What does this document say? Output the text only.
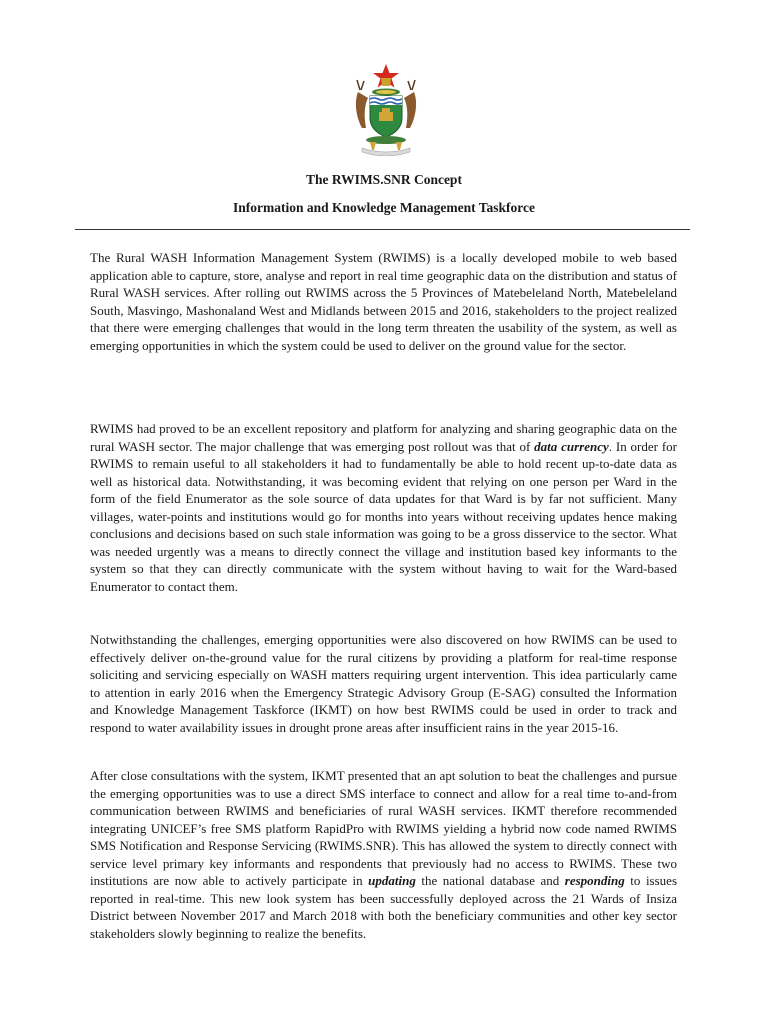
The RWIMS.SNR Concept
Information and Knowledge Management Taskforce

The Rural WASH Information Management System (RWIMS) is a locally developed mobile to web based application able to capture, store, analyse and report in real time geographic data on the distribution and status of Rural WASH services. After rolling out RWIMS across the 5 Provinces of Matebeleland North, Matebeleland South, Masvingo, Mashonaland West and Midlands between 2015 and 2016, stakeholders to the project realized that there were emerging challenges that would in the long term threaten the usability of the system, as well as emerging opportunities in which the system could be used to deliver on the ground value for the sector.

RWIMS had proved to be an excellent repository and platform for analyzing and sharing geographic data on the rural WASH sector. The major challenge that was emerging post rollout was that of data currency. In order for RWIMS to remain useful to all stakeholders it had to fundamentally be able to hold recent up-to-date data as well as historical data. Notwithstanding, it was becoming evident that relying on one person per Ward in the form of the field Enumerator as the sole source of data updates for that Ward is by far not sufficient. Many villages, water-points and institutions would go for months into years without receiving updates hence making conclusions and decisions based on such stale information was going to be a gross disservice to the sector. What was needed urgently was a means to directly connect the village and institution based key informants to the system so that they can directly communicate with the system without having to wait for the Ward-based Enumerator to contact them.

Notwithstanding the challenges, emerging opportunities were also discovered on how RWIMS can be used to effectively deliver on-the-ground value for the rural citizens by providing a platform for real-time response soliciting and servicing especially on WASH matters requiring urgent intervention. This idea particularly came to attention in early 2016 when the Emergency Strategic Advisory Group (E-SAG) consulted the Information and Knowledge Management Taskforce (IKMT) on how best RWIMS could be used in order to track and respond to water availability issues in drought prone areas after insufficient rains in the year 2015-16.

After close consultations with the system, IKMT presented that an apt solution to beat the challenges and pursue the emerging opportunities was to use a direct SMS interface to connect and allow for a real time to-and-from communication between RWIMS and beneficiaries of rural WASH services. IKMT therefore recommended integrating UNICEF’s free SMS platform RapidPro with RWIMS yielding a hybrid now code named RWIMS SMS Notification and Response Servicing (RWIMS.SNR). This has allowed the system to directly connect with service level primary key informants and respondents that previously had no access to RWIMS. These two institutions are now able to actively participate in updating the national database and responding to issues reported in real-time. This new look system has been successfully deployed across the 21 Wards of Insiza District between November 2017 and March 2018 with both the beneficiary communities and other key sector stakeholders slowly beginning to realize the benefits.
